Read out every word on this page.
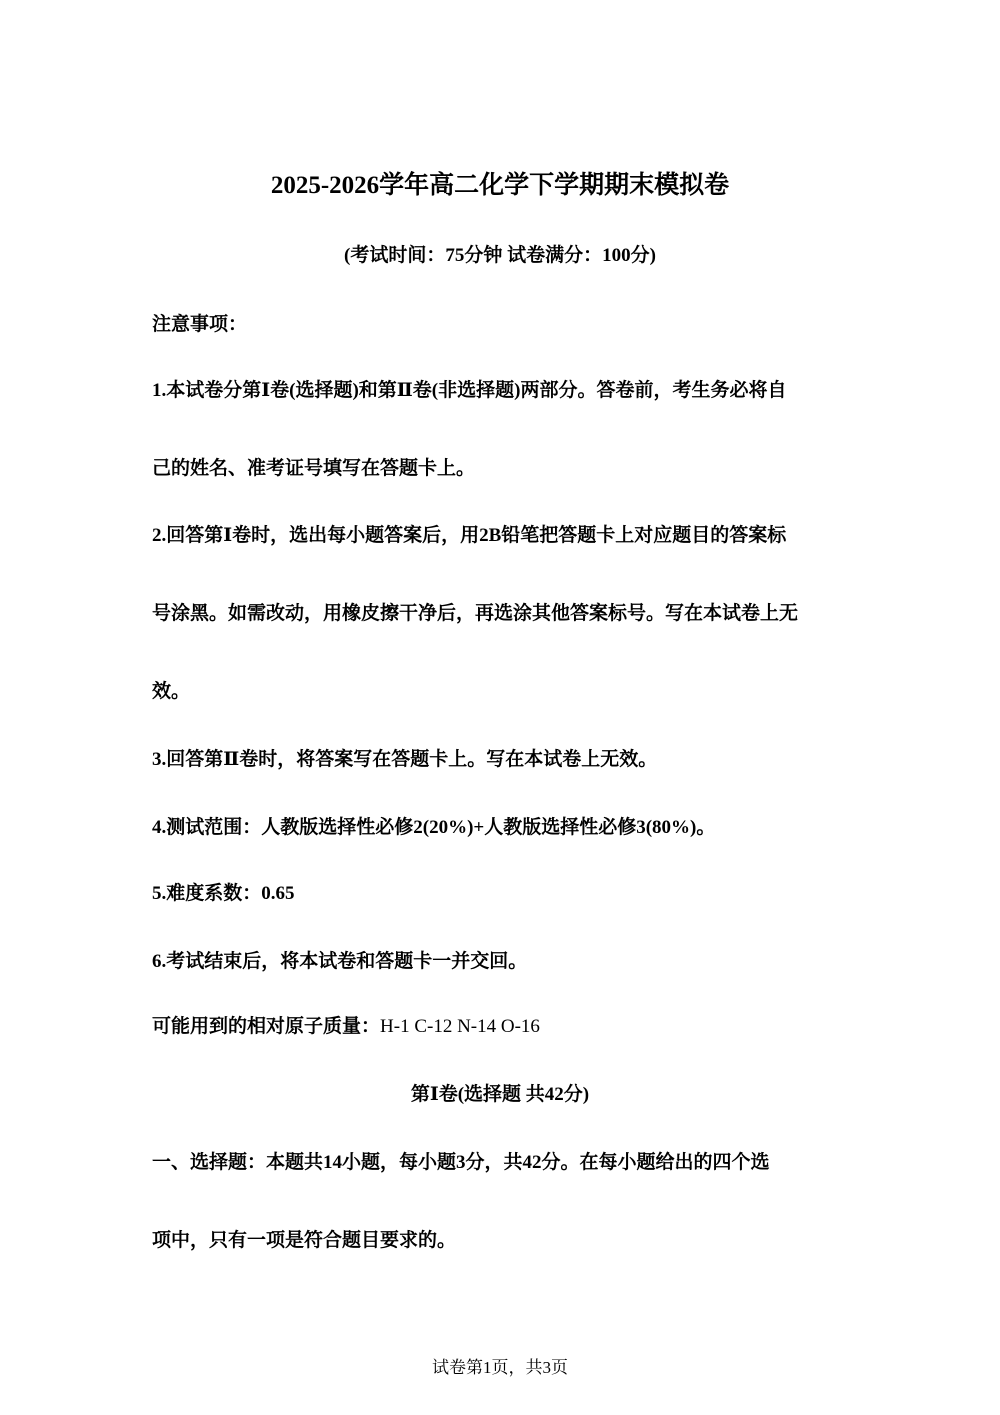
2025-2026学年高二化学下学期期末模拟卷
(考试时间：75分钟 试卷满分：100分)
注意事项：
1.本试卷分第Ⅰ卷(选择题)和第Ⅱ卷(非选择题)两部分。答卷前，考生务必将自
己的姓名、准考证号填写在答题卡上。
2.回答第Ⅰ卷时，选出每小题答案后，用2B铅笔把答题卡上对应题目的答案标
号涂黑。如需改动，用橡皮擦干净后，再选涂其他答案标号。写在本试卷上无
效。
3.回答第Ⅱ卷时，将答案写在答题卡上。写在本试卷上无效。
4.测试范围：人教版选择性必修2(20%)+人教版选择性必修3(80%)。
5.难度系数：0.65
6.考试结束后，将本试卷和答题卡一并交回。
可能用到的相对原子质量：H-1 C-12 N-14 O-16
第Ⅰ卷(选择题 共42分)
一、选择题：本题共14小题，每小题3分，共42分。在每小题给出的四个选
项中，只有一项是符合题目要求的。
试卷第1页，共3页
